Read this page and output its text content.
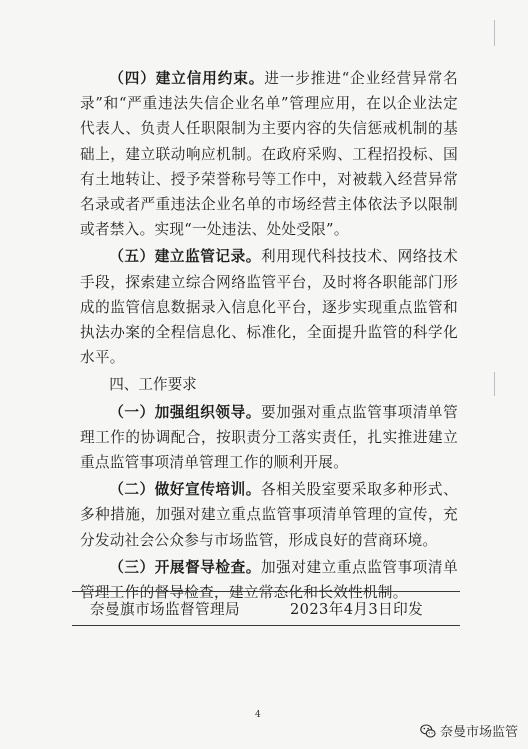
（四）建立信用约束。进一步推进“企业经营异常名录”和“严重违法失信企业名单”管理应用，在以企业法定代表人、负责人任职限制为主要内容的失信惩戒机制的基础上，建立联动响应机制。在政府采购、工程招投标、国有土地转让、授予荣誉称号等工作中，对被载入经营异常名录或者严重违法企业名单的市场经营主体依法予以限制或者禁入。实现“一处违法、处处受限”。

（五）建立监管记录。利用现代科技技术、网络技术手段，探索建立综合网络监管平台，及时将各职能部门形成的监管信息数据录入信息化平台，逐步实现重点监管和执法办案的全程信息化、标准化，全面提升监管的科学化水平。

四、工作要求

（一）加强组织领导。要加强对重点监管事项清单管理工作的协调配合，按职责分工落实责任，扎实推进建立重点监管事项清单管理工作的顺利开展。

（二）做好宣传培训。各相关股室要采取多种形式、多种措施，加强对建立重点监管事项清单管理的宣传，充分发动社会公众参与市场监管，形成良好的营商环境。

（三）开展督导检查。加强对建立重点监管事项清单管理工作的督导检查，建立常态化和长效性机制。

奈曼旗市场监督管理局	2023年4月3日印发
4
奈曼市场监管
